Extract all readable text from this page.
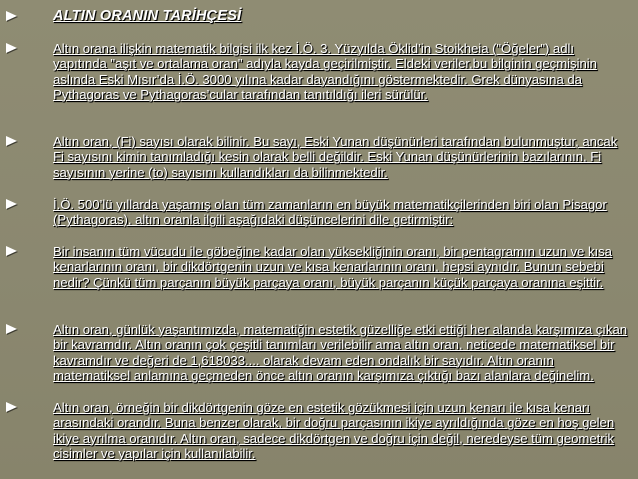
ALTIN ORANIN TARİHÇESİ
Altın orana ilişkin matematik bilgisi ilk kez İ.Ö. 3. Yüzyılda Öklid’in Stoikheia ("Öğeler") adlı yapıtında "aşıt ve ortalama oran" adıyla kayda geçirilmiştir. Eldeki veriler,bu bilginin geçmişinin aslında Eski Mısır’da İ.Ö. 3000 yılına kadar dayandığını göstermektedir. Grek dünyasına da Pythagoras ve Pythagoras’cular tarafından tanıtıldığı ileri sürülür.
Altın oran, (Fi) sayısı olarak bilinir. Bu sayı, Eski Yunan düşünürleri tarafından bulunmuştur, ancak Fi sayısını kimin tanımladığı kesin olarak belli değildir. Eski Yunan düşünürlerinin bazılarının, Fi sayısının yerine (to) sayısını kullandıkları da bilinmektedir.
İ.Ö. 500’lü yıllarda yaşamış olan tüm zamanların en büyük matematikçilerinden biri olan Pisagor (Pythagoras), altın oranla ilgili aşağıdaki düşüncelerini dile getirmiştir:
Bir insanın tüm vücudu ile göbeğine kadar olan yüksekliğinin oranı, bir pentagramın uzun ve kısa kenarlarının oranı, bir dikdörtgenin uzun ve kısa kenarlarının oranı, hepsi aynıdır. Bunun sebebi nedir? Çünkü tüm parçanın büyük parçaya oranı, büyük parçanın küçük parçaya oranına eşittir.
Altın oran, günlük yaşantımızda, matematiğin estetik güzelliğe etki ettiği her alanda karşımıza çıkan bir kavramdır. Altın oranın çok çeşitli tanımları verilebilir ama altın oran, neticede matematiksel bir kavramdır ve değeri de 1,618033.... olarak devam eden ondalık bir sayıdır. Altın oranın matematiksel anlamına geçmeden önce altın oranın karşımıza çıktığı bazı alanlara değinelim.
Altın oran, örneğin bir dikdörtgenin göze en estetik gözükmesi için uzun kenarı ile kısa kenarı arasındaki orandır. Buna benzer olarak, bir doğru parçasının ikiye ayrıldığında göze en hoş gelen ikiye ayrılma oranıdır. Altın oran, sadece dikdörtgen ve doğru için değil, neredeyse tüm geometrik cisimler ve yapılar için kullanılabilir.
